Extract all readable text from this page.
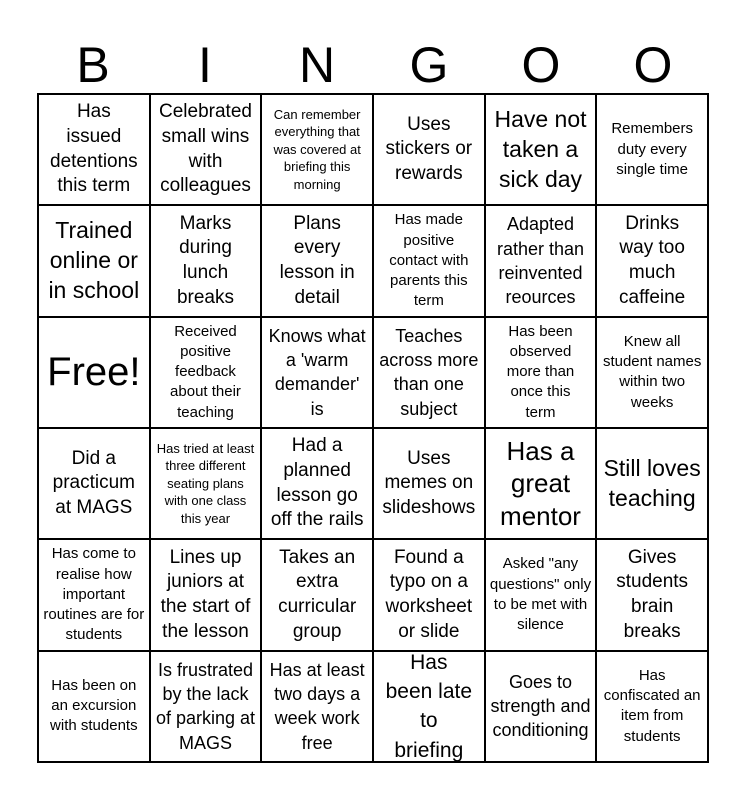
B	I	N	G	O	O
Has issued detentions this term
Celebrated small wins with colleagues
Can remember everything that was covered at briefing this morning
Uses stickers or rewards
Have not taken a sick day
Remembers duty every single time
Trained online or in school
Marks during lunch breaks
Plans every lesson in detail
Has made positive contact with parents this term
Adapted rather than reinvented reources
Drinks way too much caffeine
Free!
Received positive feedback about their teaching
Knows what a 'warm demander' is
Teaches across more than one subject
Has been observed more than once this term
Knew all student names within two weeks
Did a practicum at MAGS
Has tried at least three different seating plans with one class this year
Had a planned lesson go off the rails
Uses memes on slideshows
Has a great mentor
Still loves teaching
Has come to realise how important routines are for students
Lines up juniors at the start of the lesson
Takes an extra curricular group
Found a typo on a worksheet or slide
Asked "any questions" only to be met with silence
Gives students brain breaks
Has been on an excursion with students
Is frustrated by the lack of parking at MAGS
Has at least two days a week work free
Has been late to briefing
Goes to strength and conditioning
Has confiscated an item from students
